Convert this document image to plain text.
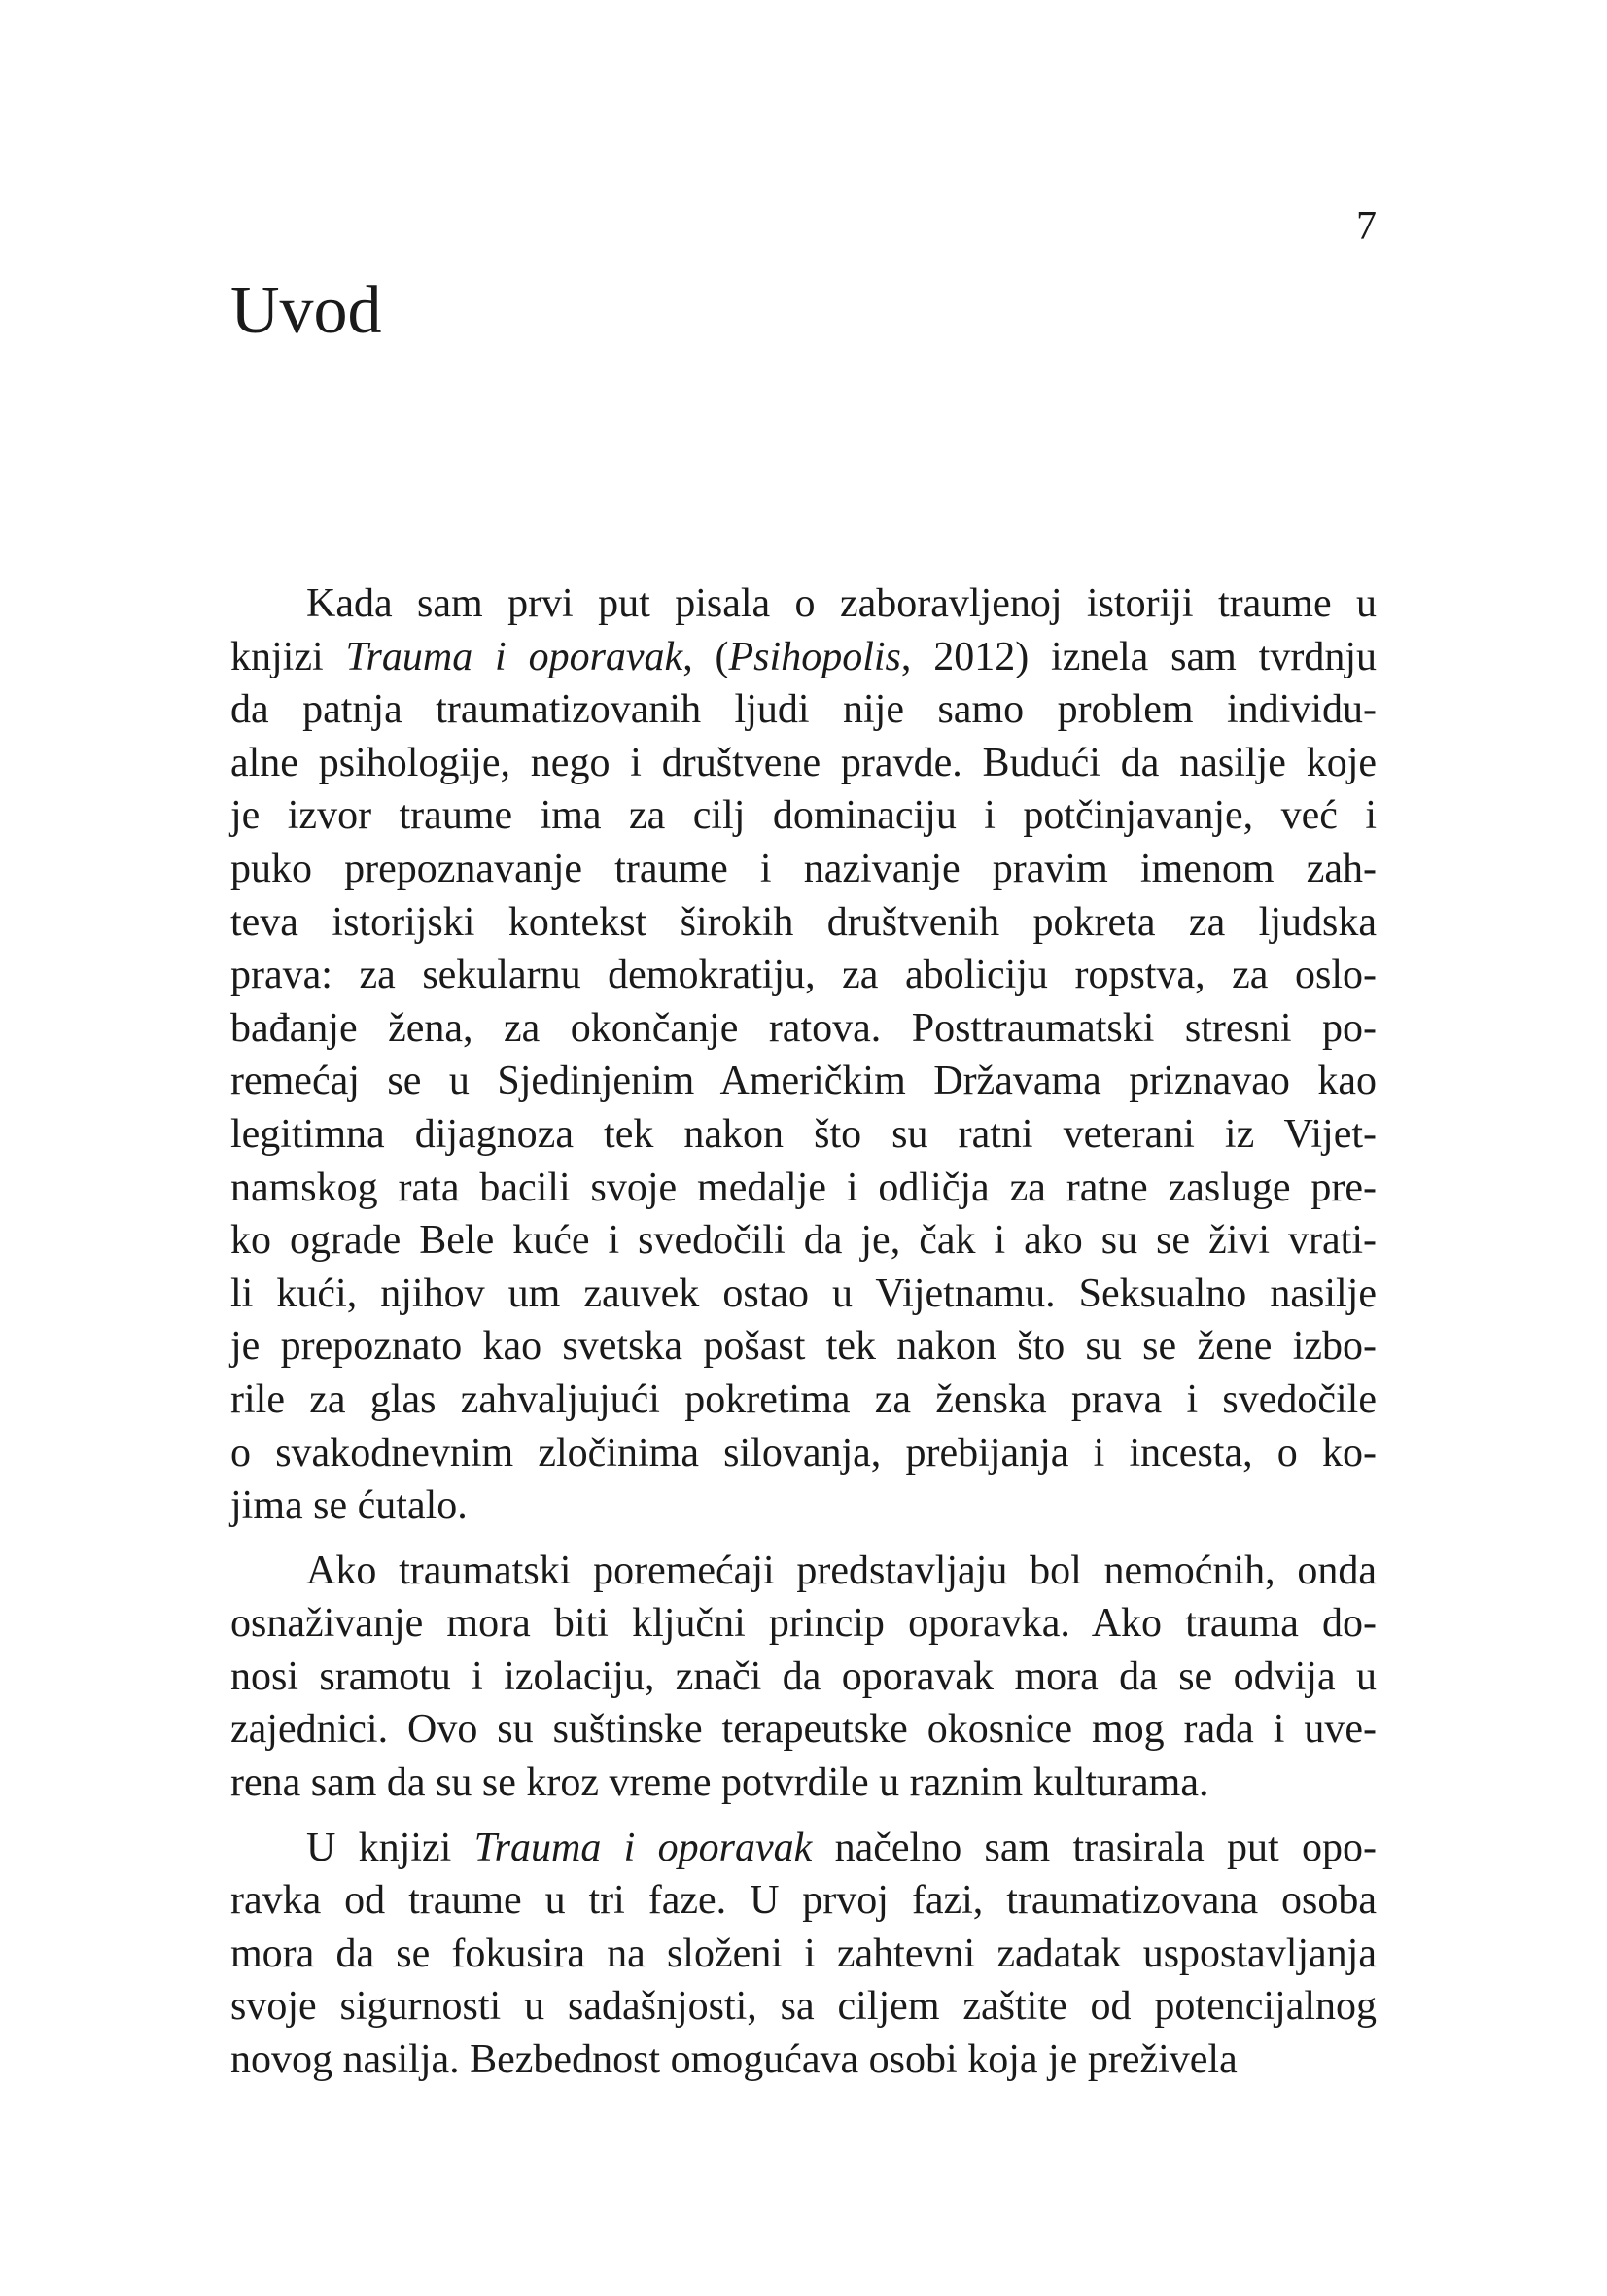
7
Uvod
Kada sam prvi put pisala o zaboravljenoj istoriji traume u
knjizi Trauma i oporavak, (Psihopolis, 2012) iznela sam tvrdnju
da patnja traumatizovanih ljudi nije samo problem individu-
alne psihologije, nego i društvene pravde. Budući da nasilje koje
je izvor traume ima za cilj dominaciju i potčinjavanje, već i
puko prepoznavanje traume i nazivanje pravim imenom zah-
teva istorijski kontekst širokih društvenih pokreta za ljudska
prava: za sekularnu demokratiju, za aboliciju ropstva, za oslo-
bađanje žena, za okončanje ratova. Posttraumatski stresni po-
remećaj se u Sjedinjenim Američkim Državama priznavao kao
legitimna dijagnoza tek nakon što su ratni veterani iz Vijet-
namskog rata bacili svoje medalje i odličja za ratne zasluge pre-
ko ograde Bele kuće i svedočili da je, čak i ako su se živi vrati-
li kući, njihov um zauvek ostao u Vijetnamu. Seksualno nasilje
je prepoznato kao svetska pošast tek nakon što su se žene izbo-
rile za glas zahvaljujući pokretima za ženska prava i svedočile
o svakodnevnim zločinima silovanja, prebijanja i incesta, o ko-
jima se ćutalo.
Ako traumatski poremećaji predstavljaju bol nemoćnih, onda
osnaživanje mora biti ključni princip oporavka. Ako trauma do-
nosi sramotu i izolaciju, znači da oporavak mora da se odvija u
zajednici. Ovo su suštinske terapeutske okosnice mog rada i uve-
rena sam da su se kroz vreme potvrdile u raznim kulturama.
U knjizi Trauma i oporavak načelno sam trasirala put opo-
ravka od traume u tri faze. U prvoj fazi, traumatizovana osoba
mora da se fokusira na složeni i zahtevni zadatak uspostavljanja
svoje sigurnosti u sadašnjosti, sa ciljem zaštite od potencijalnog
novog nasilja. Bezbednost omogućava osobi koja je preživela
